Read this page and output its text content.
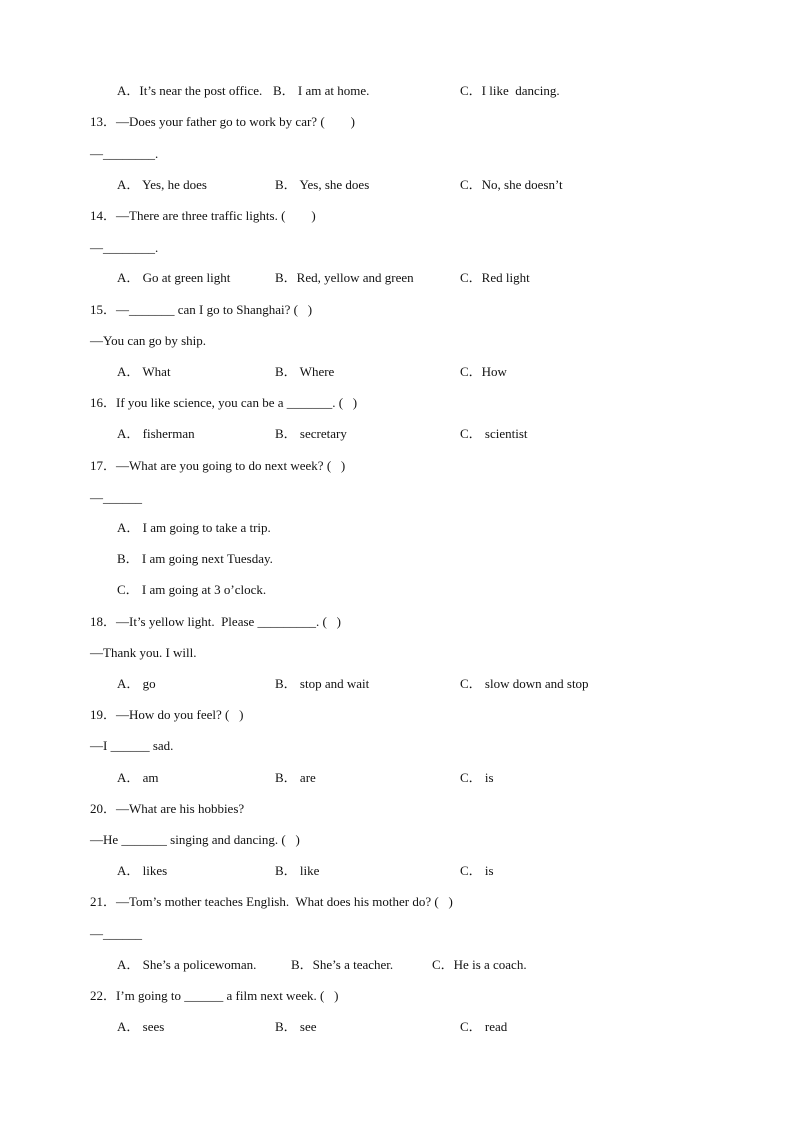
A．It’s near the post office. B． I am at home.	C．I like  dancing.
13．—Does your father go to work by car? (        )
—________.
A． Yes, he does	B． Yes, she does	C．No, she doesn’t
14．—There are three traffic lights. (        )
—________.
A． Go at green light	B．Red, yellow and green	C．Red light
15．—_______ can I go to Shanghai? (   )
—You can go by ship.
A． What	B． Where	C．How
16．If you like science, you can be a _______. (   )
A． fisherman	B． secretary	C． scientist
17．—What are you going to do next week? (   )
—______
A． I am going to take a trip.
B． I am going next Tuesday.
C． I am going at 3 o’clock.
18．—It’s yellow light.  Please _________. (   )
—Thank you. I will.
A． go	B． stop and wait	C． slow down and stop
19．—How do you feel? (   )
—I ______ sad.
A． am	B． are	C． is
20．—What are his hobbies?
—He _______ singing and dancing. (   )
A． likes	B． like	C． is
21．—Tom’s mother teaches English.  What does his mother do? (   )
—______
A． She’s a policewoman.	B．She’s a teacher.	C．He is a coach.
22．I’m going to ______ a film next week. (   )
A． sees	B． see	C． read
